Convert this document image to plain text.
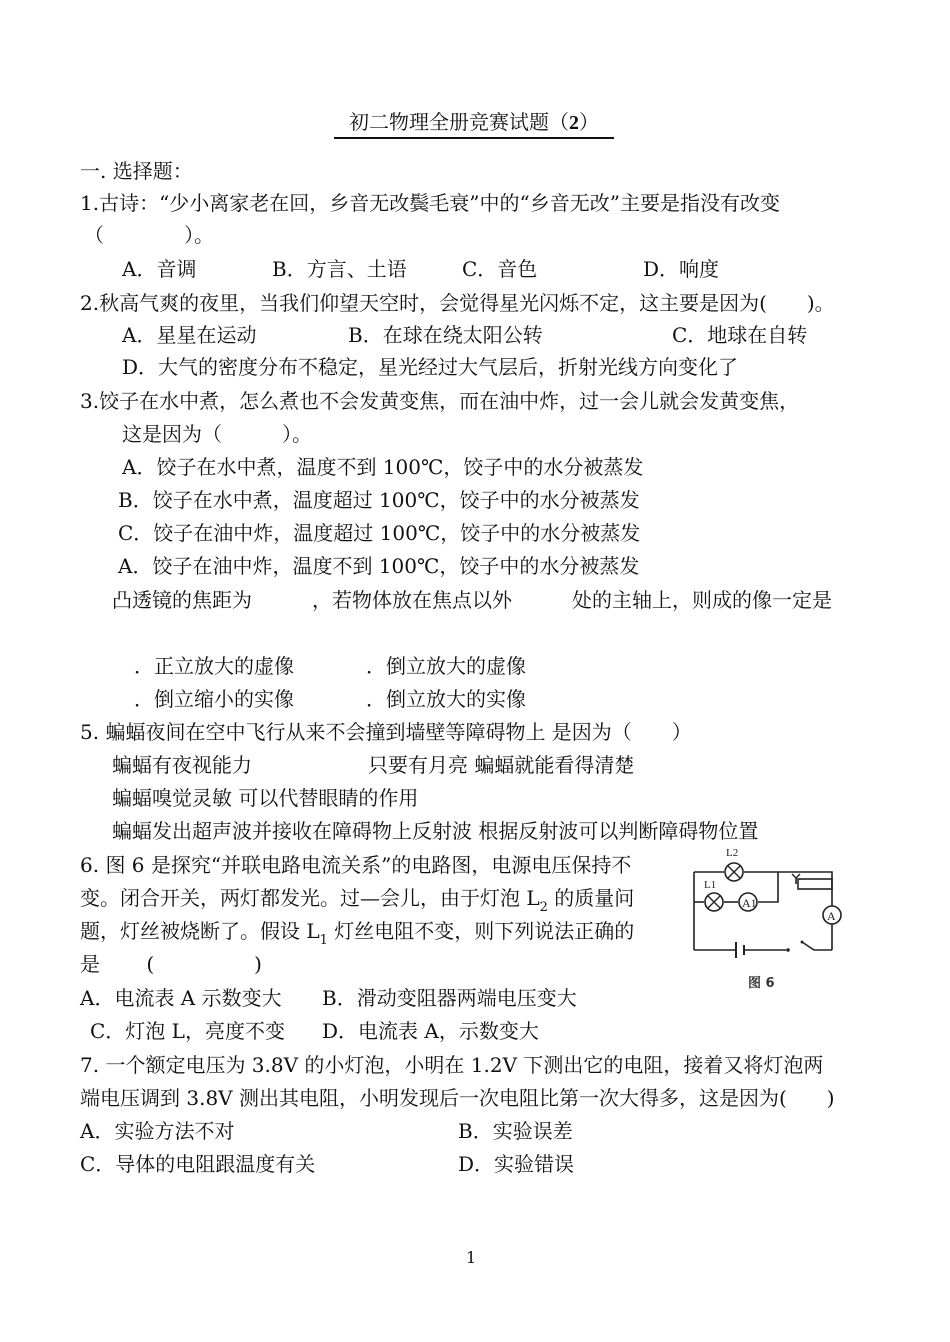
初二物理全册竞赛试题（2）
一. 选择题：
1.古诗：“少小离家老在回，乡音无改鬓毛衰”中的“乡音无改”主要是指没有改变
（　　　　）。
A．音调	B．方言、土语	C．音色	D．响度
2.秋高气爽的夜里，当我们仰望天空时，会觉得星光闪烁不定，这主要是因为(　　)。
A．星星在运动	B．在球在绕太阳公转	C．地球在自转
D．大气的密度分布不稳定，星光经过大气层后，折射光线方向变化了
3.饺子在水中煮，怎么煮也不会发黄变焦，而在油中炸，过一会儿就会发黄变焦，
这是因为（　　　）。
A．饺子在水中煮，温度不到 100℃，饺子中的水分被蒸发
B．饺子在水中煮，温度超过 100℃，饺子中的水分被蒸发
C．饺子在油中炸，温度超过 100℃，饺子中的水分被蒸发
A．饺子在油中炸，温度不到 100℃，饺子中的水分被蒸发
凸透镜的焦距为　　　，若物体放在焦点以外　　　处的主轴上，则成的像一定是
．正立放大的虚像	．倒立放大的虚像
．倒立缩小的实像	．倒立放大的实像
5. 蝙蝠夜间在空中飞行从来不会撞到墙壁等障碍物上 是因为（　　）
蝙蝠有夜视能力	只要有月亮 蝙蝠就能看得清楚
蝙蝠嗅觉灵敏 可以代替眼睛的作用
蝙蝠发出超声波并接收在障碍物上反射波 根据反射波可以判断障碍物位置
6. 图 6 是探究“并联电路电流关系”的电路图，电源电压保持不
变。闭合开关，两灯都发光。过—会儿，由于灯泡 $L_2$ 的质量问
题，灯丝被烧断了。假设 $L_1$ 灯丝电阻不变，则下列说法正确的
是　　 (　　　　　)
A．电流表 A 示数变大 B．滑动变阻器两端电压变大
C．灯泡 L，亮度不变 D．电流表 A，示数变大
A1
A
L2
L1
图 6
7. 一个额定电压为 3.8V 的小灯泡，小明在 1.2V 下测出它的电阻，接着又将灯泡两
端电压调到 3.8V 测出其电阻，小明发现后一次电阻比第一次大得多，这是因为(　　)
A．实验方法不对	B．实验误差
C．导体的电阻跟温度有关	D．实验错误
1
